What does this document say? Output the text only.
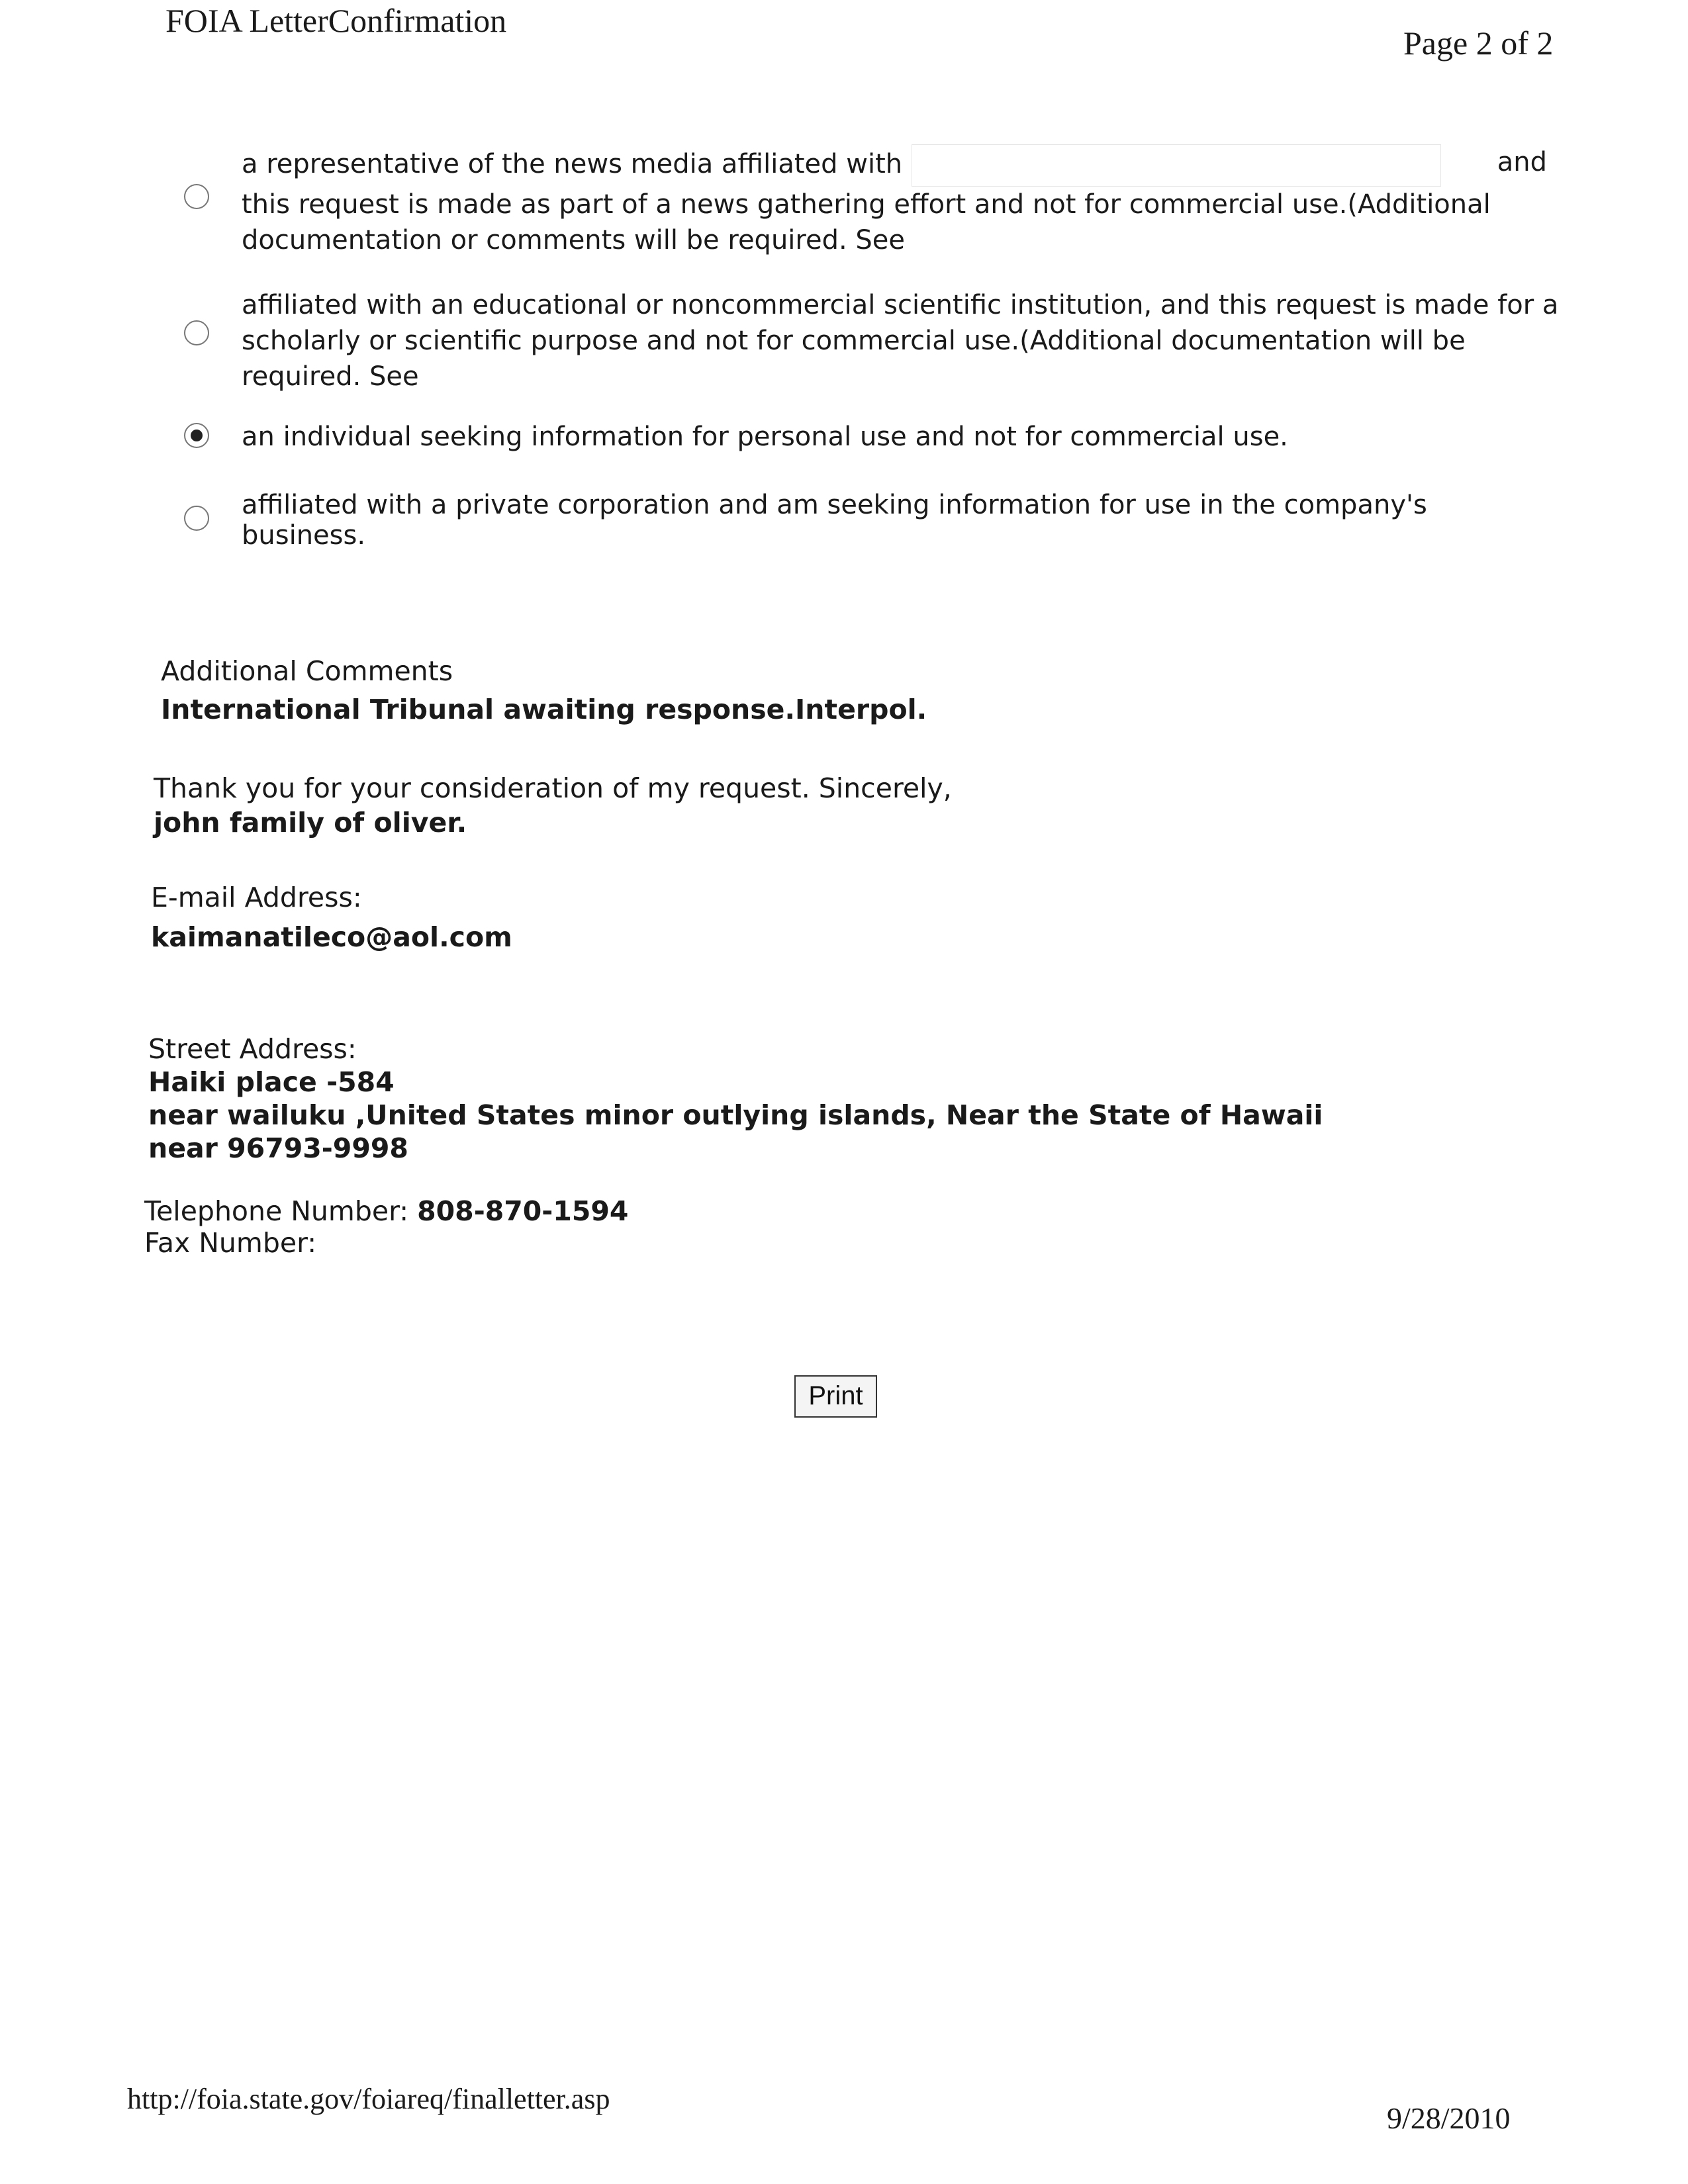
FOIA LetterConfirmation
Page 2 of 2
a representative of the news media affiliated with	and
this request is made as part of a news gathering effort and not for commercial use.(Additional documentation or comments will be required. See
affiliated with an educational or noncommercial scientific institution, and this request is made for a scholarly or scientific purpose and not for commercial use.(Additional documentation will be required. See
an individual seeking information for personal use and not for commercial use.
affiliated with a private corporation and am seeking information for use in the company's business.
Additional Comments
International Tribunal awaiting response.Interpol.
Thank you for your consideration of my request. Sincerely,
john family of oliver.
E-mail Address:
kaimanatileco@aol.com
Street Address:
Haiki place -584
near wailuku ,United States minor outlying islands, Near the State of Hawaii
near 96793-9998
Telephone Number: 808-870-1594
Fax Number:
Print
http://foia.state.gov/foiareq/finalletter.asp
9/28/2010
